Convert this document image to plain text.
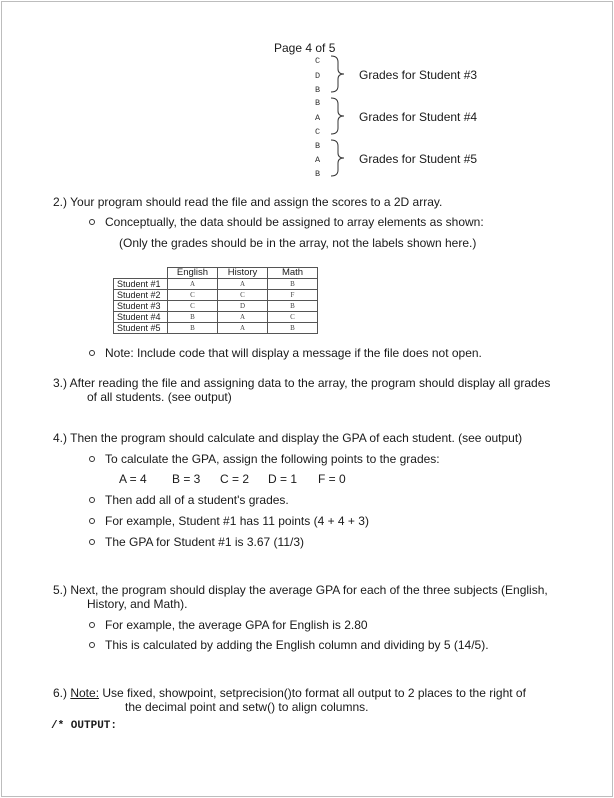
Page 4 of 5
C
D
B
B
A
C
B
A
B
Grades for Student #3
Grades for Student #4
Grades for Student #5
2.) Your program should read the file and assign the scores to a 2D array.
Conceptually, the data should be assigned to array elements as shown:
(Only the grades should be in the array, not the labels shown here.)
	English	History	Math
Student #1	A	A	B
Student #2	C	C	F
Student #3	C	D	B
Student #4	B	A	C
Student #5	B	A	B
Note: Include code that will display a message if the file does not open.
3.) After reading the file and assigning data to the array, the program should display all grades
of all students. (see output)
4.) Then the program should calculate and display the GPA of each student. (see output)
To calculate the GPA, assign the following points to the grades:
A = 4 B = 3 C = 2 D = 1 F = 0
Then add all of a student's grades.
For example, Student #1 has 11 points (4 + 4 + 3)
The GPA for Student #1 is 3.67 (11/3)
5.) Next, the program should display the average GPA for each of the three subjects (English,
History, and Math).
For example, the average GPA for English is 2.80
This is calculated by adding the English column and dividing by 5 (14/5).
6.) Note: Use fixed, showpoint, setprecision()to format all output to 2 places to the right of
the decimal point and setw() to align columns.
/* OUTPUT:
